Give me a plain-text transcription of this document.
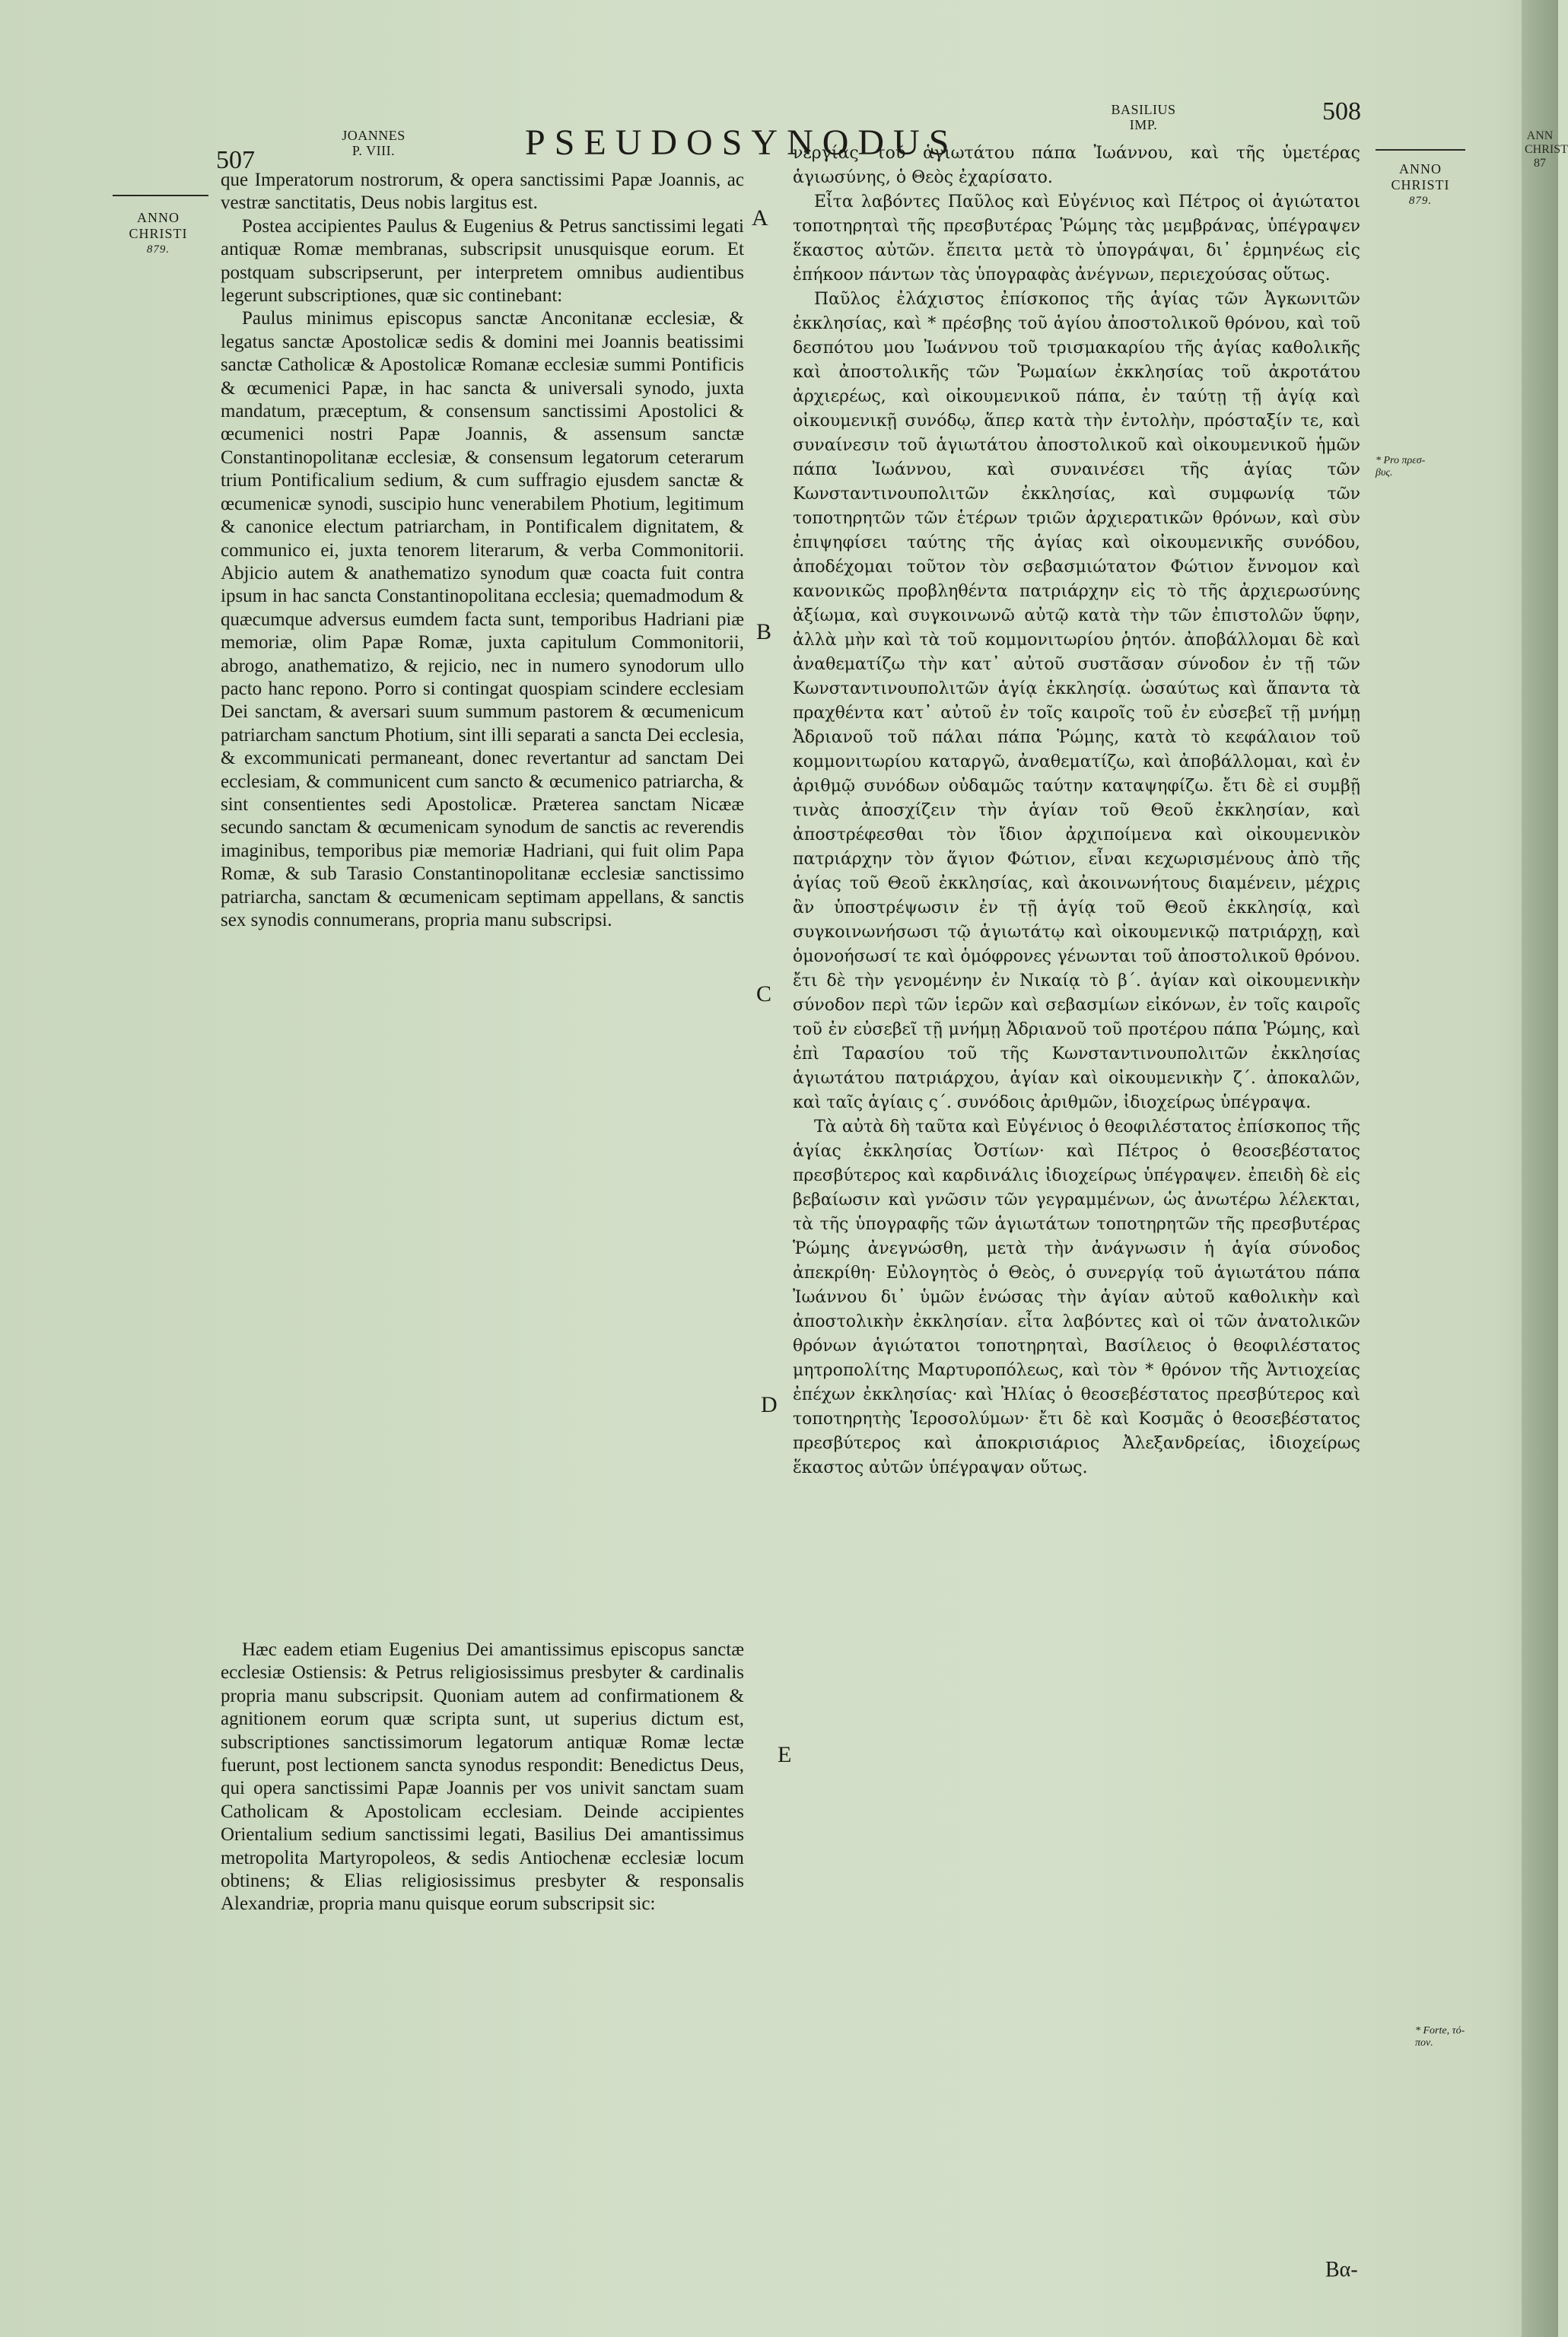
ANN
CHRIST
87
507
JOANNES
P. VIII.	PSEUDOSYNODUS
BASILIUS
IMP.	508
ANNO
CHRISTI
879.
ANNO
CHRISTI
879.
A
B
C
D
E
* Pro πρεσ-
βυς.
* Forte, τό-
πον.

que Imperatorum nostrorum, & opera sanctissimi Papæ Joannis, ac vestræ sanctitatis, Deus nobis largitus est.

Postea accipientes Paulus & Eugenius & Petrus sanctissimi legati antiquæ Romæ membranas, subscripsit unusquisque eorum. Et postquam subscripserunt, per interpretem omnibus audientibus legerunt subscriptiones, quæ sic continebant:

Paulus minimus episcopus sanctæ Anconitanæ ecclesiæ, & legatus sanctæ Apostolicæ sedis & domini mei Joannis beatissimi sanctæ Catholicæ & Apostolicæ Romanæ ecclesiæ summi Pontificis & œcumenici Papæ, in hac sancta & universali synodo, juxta mandatum, præceptum, & consensum sanctissimi Apostolici & œcumenici nostri Papæ Joannis, & assensum sanctæ Constantinopolitanæ ecclesiæ, & consensum legatorum ceterarum trium Pontificalium sedium, & cum suffragio ejusdem sanctæ & œcumenicæ synodi, suscipio hunc venerabilem Photium, legitimum & canonice electum patriarcham, in Pontificalem dignitatem, & communico ei, juxta tenorem literarum, & verba Commonitorii. Abjicio autem & anathematizo synodum quæ coacta fuit contra ipsum in hac sancta Constantinopolitana ecclesia; quemadmodum & quæcumque adversus eumdem facta sunt, temporibus Hadriani piæ memoriæ, olim Papæ Romæ, juxta capitulum Commonitorii, abrogo, anathematizo, & rejicio, nec in numero synodorum ullo pacto hanc repono. Porro si contingat quospiam scindere ecclesiam Dei sanctam, & aversari suum summum pastorem & œcumenicum patriarcham sanctum Photium, sint illi separati a sancta Dei ecclesia, & excommunicati permaneant, donec revertantur ad sanctam Dei ecclesiam, & communicent cum sancto & œcumenico patriarcha, & sint consentientes sedi Apostolicæ. Præterea sanctam Nicææ secundo sanctam & œcumenicam synodum de sanctis ac reverendis imaginibus, temporibus piæ memoriæ Hadriani, qui fuit olim Papa Romæ, & sub Tarasio Constantinopolitanæ ecclesiæ sanctissimo patriarcha, sanctam & œcumenicam septimam appellans, & sanctis sex synodis connumerans, propria manu subscripsi.

Hæc eadem etiam Eugenius Dei amantissimus episcopus sanctæ ecclesiæ Ostiensis: & Petrus religiosissimus presbyter & cardinalis propria manu subscripsit. Quoniam autem ad confirmationem & agnitionem eorum quæ scripta sunt, ut superius dictum est, subscriptiones sanctissimorum legatorum antiquæ Romæ lectæ fuerunt, post lectionem sancta synodus respondit: Benedictus Deus, qui opera sanctissimi Papæ Joannis per vos univit sanctam suam Catholicam & Apostolicam ecclesiam. Deinde accipientes Orientalium sedium sanctissimi legati, Basilius Dei amantissimus metropolita Martyropoleos, & sedis Antiochenæ ecclesiæ locum obtinens; & Elias religiosissimus presbyter & responsalis Alexandriæ, propria manu quisque eorum subscripsit sic:

νεργίας τοῦ ἁγιωτάτου πάπα Ἰωάννου, καὶ τῆς ὑμετέρας ἁγιωσύνης, ὁ Θεὸς ἐχαρίσατο.

Εἶτα λαβόντες Παῦλος καὶ Εὐγένιος καὶ Πέτρος οἱ ἁγιώτατοι τοποτηρηταὶ τῆς πρεσβυτέρας Ῥώμης τὰς μεμβράνας, ὑπέγραψεν ἕκαστος αὐτῶν. ἔπειτα μετὰ τὸ ὑπογράψαι, δι᾽ ἑρμηνέως εἰς ἐπήκοον πάντων τὰς ὑπογραφὰς ἀνέγνων, περιεχούσας οὕτως.

Παῦλος ἐλάχιστος ἐπίσκοπος τῆς ἁγίας τῶν Ἀγκωνιτῶν ἐκκλησίας, καὶ * πρέσβης τοῦ ἁγίου ἀποστολικοῦ θρόνου, καὶ τοῦ δεσπότου μου Ἰωάννου τοῦ τρισμακαρίου τῆς ἁγίας καθολικῆς καὶ ἀποστολικῆς τῶν Ῥωμαίων ἐκκλησίας τοῦ ἀκροτάτου ἀρχιερέως, καὶ οἰκουμενικοῦ πάπα, ἐν ταύτῃ τῇ ἁγίᾳ καὶ οἰκουμενικῇ συνόδῳ, ἅπερ κατὰ τὴν ἐντολὴν, πρόσταξίν τε, καὶ συναίνεσιν τοῦ ἁγιωτάτου ἀποστολικοῦ καὶ οἰκουμενικοῦ ἡμῶν πάπα Ἰωάννου, καὶ συναινέσει τῆς ἁγίας τῶν Κωνσταντινουπολιτῶν ἐκκλησίας, καὶ συμφωνίᾳ τῶν τοποτηρητῶν τῶν ἑτέρων τριῶν ἀρχιερατικῶν θρόνων, καὶ σὺν ἐπιψηφίσει ταύτης τῆς ἁγίας καὶ οἰκουμενικῆς συνόδου, ἀποδέχομαι τοῦτον τὸν σεβασμιώτατον Φώτιον ἔννομον καὶ κανονικῶς προβληθέντα πατριάρχην εἰς τὸ τῆς ἀρχιερωσύνης ἀξίωμα, καὶ συγκοινωνῶ αὐτῷ κατὰ τὴν τῶν ἐπιστολῶν ὕφην, ἀλλὰ μὴν καὶ τὰ τοῦ κομμονιτωρίου ῥητόν. ἀποβάλλομαι δὲ καὶ ἀναθεματίζω τὴν κατ᾽ αὐτοῦ συστᾶσαν σύνοδον ἐν τῇ τῶν Κωνσταντινουπολιτῶν ἁγίᾳ ἐκκλησίᾳ. ὡσαύτως καὶ ἅπαντα τὰ πραχθέντα κατ᾽ αὐτοῦ ἐν τοῖς καιροῖς τοῦ ἐν εὐσεβεῖ τῇ μνήμῃ Ἀδριανοῦ τοῦ πάλαι πάπα Ῥώμης, κατὰ τὸ κεφάλαιον τοῦ κομμονιτωρίου καταργῶ, ἀναθεματίζω, καὶ ἀποβάλλομαι, καὶ ἐν ἀριθμῷ συνόδων οὐδαμῶς ταύτην καταψηφίζω. ἔτι δὲ εἰ συμβῇ τινὰς ἀποσχίζειν τὴν ἁγίαν τοῦ Θεοῦ ἐκκλησίαν, καὶ ἀποστρέφεσθαι τὸν ἴδιον ἀρχιποίμενα καὶ οἰκουμενικὸν πατριάρχην τὸν ἅγιον Φώτιον, εἶναι κεχωρισμένους ἀπὸ τῆς ἁγίας τοῦ Θεοῦ ἐκκλησίας, καὶ ἀκοινωνήτους διαμένειν, μέχρις ἂν ὑποστρέψωσιν ἐν τῇ ἁγίᾳ τοῦ Θεοῦ ἐκκλησίᾳ, καὶ συγκοινωνήσωσι τῷ ἁγιωτάτῳ καὶ οἰκουμενικῷ πατριάρχῃ, καὶ ὁμονοήσωσί τε καὶ ὁμόφρονες γένωνται τοῦ ἀποστολικοῦ θρόνου. ἔτι δὲ τὴν γενομένην ἐν Νικαίᾳ τὸ β΄. ἁγίαν καὶ οἰκουμενικὴν σύνοδον περὶ τῶν ἱερῶν καὶ σεβασμίων εἰκόνων, ἐν τοῖς καιροῖς τοῦ ἐν εὐσεβεῖ τῇ μνήμῃ Ἀδριανοῦ τοῦ προτέρου πάπα Ῥώμης, καὶ ἐπὶ Ταρασίου τοῦ τῆς Κωνσταντινουπολιτῶν ἐκκλησίας ἁγιωτάτου πατριάρχου, ἁγίαν καὶ οἰκουμενικὴν ζ΄. ἀποκαλῶν, καὶ ταῖς ἁγίαις ς΄. συνόδοις ἀριθμῶν, ἰδιοχείρως ὑπέγραψα.

Τὰ αὐτὰ δὴ ταῦτα καὶ Εὐγένιος ὁ θεοφιλέστατος ἐπίσκοπος τῆς ἁγίας ἐκκλησίας Ὀστίων· καὶ Πέτρος ὁ θεοσεβέστατος πρεσβύτερος καὶ καρδινάλις ἰδιοχείρως ὑπέγραψεν. ἐπειδὴ δὲ εἰς βεβαίωσιν καὶ γνῶσιν τῶν γεγραμμένων, ὡς ἀνωτέρω λέλεκται, τὰ τῆς ὑπογραφῆς τῶν ἁγιωτάτων τοποτηρητῶν τῆς πρεσβυτέρας Ῥώμης ἀνεγνώσθη, μετὰ τὴν ἀνάγνωσιν ἡ ἁγία σύνοδος ἀπεκρίθη· Εὐλογητὸς ὁ Θεὸς, ὁ συνεργίᾳ τοῦ ἁγιωτάτου πάπα Ἰωάννου δι᾽ ὑμῶν ἑνώσας τὴν ἁγίαν αὐτοῦ καθολικὴν καὶ ἀποστολικὴν ἐκκλησίαν. εἶτα λαβόντες καὶ οἱ τῶν ἀνατολικῶν θρόνων ἁγιώτατοι τοποτηρηταὶ, Βασίλειος ὁ θεοφιλέστατος μητροπολίτης Μαρτυροπόλεως, καὶ τὸν * θρόνον τῆς Ἀντιοχείας ἐπέχων ἐκκλησίας· καὶ Ἠλίας ὁ θεοσεβέστατος πρεσβύτερος καὶ τοποτηρητὴς Ἱεροσολύμων· ἔτι δὲ καὶ Κοσμᾶς ὁ θεοσεβέστατος πρεσβύτερος καὶ ἀποκρισιάριος Ἀλεξανδρείας, ἰδιοχείρως ἕκαστος αὐτῶν ὑπέγραψαν οὕτως.

Βα-
